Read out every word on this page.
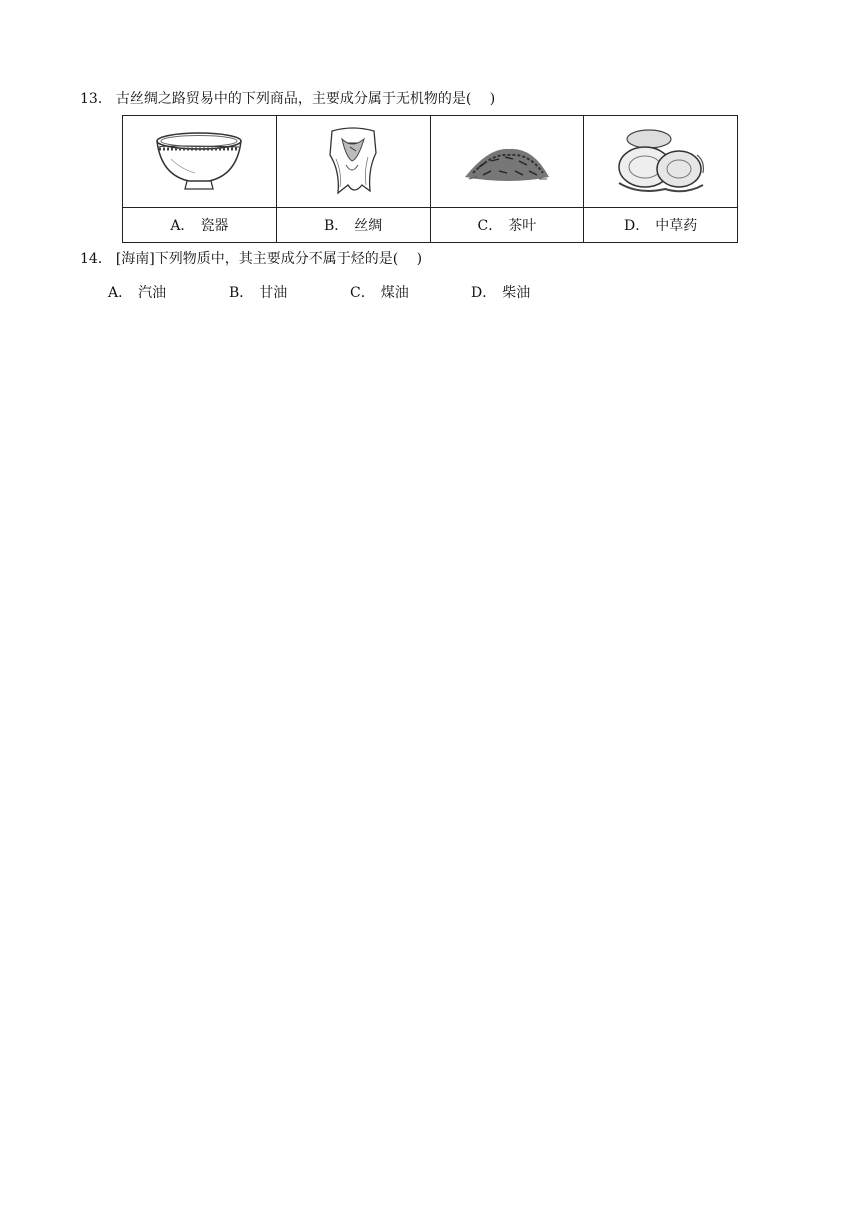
13． 古丝绸之路贸易中的下列商品，主要成分属于无机物的是(　 )

A． 瓷器	B． 丝绸	C． 茶叶	D． 中草药
14． [海南]下列物质中，其主要成分不属于烃的是(　 )
A． 汽油	B． 甘油	C． 煤油	D． 柴油
